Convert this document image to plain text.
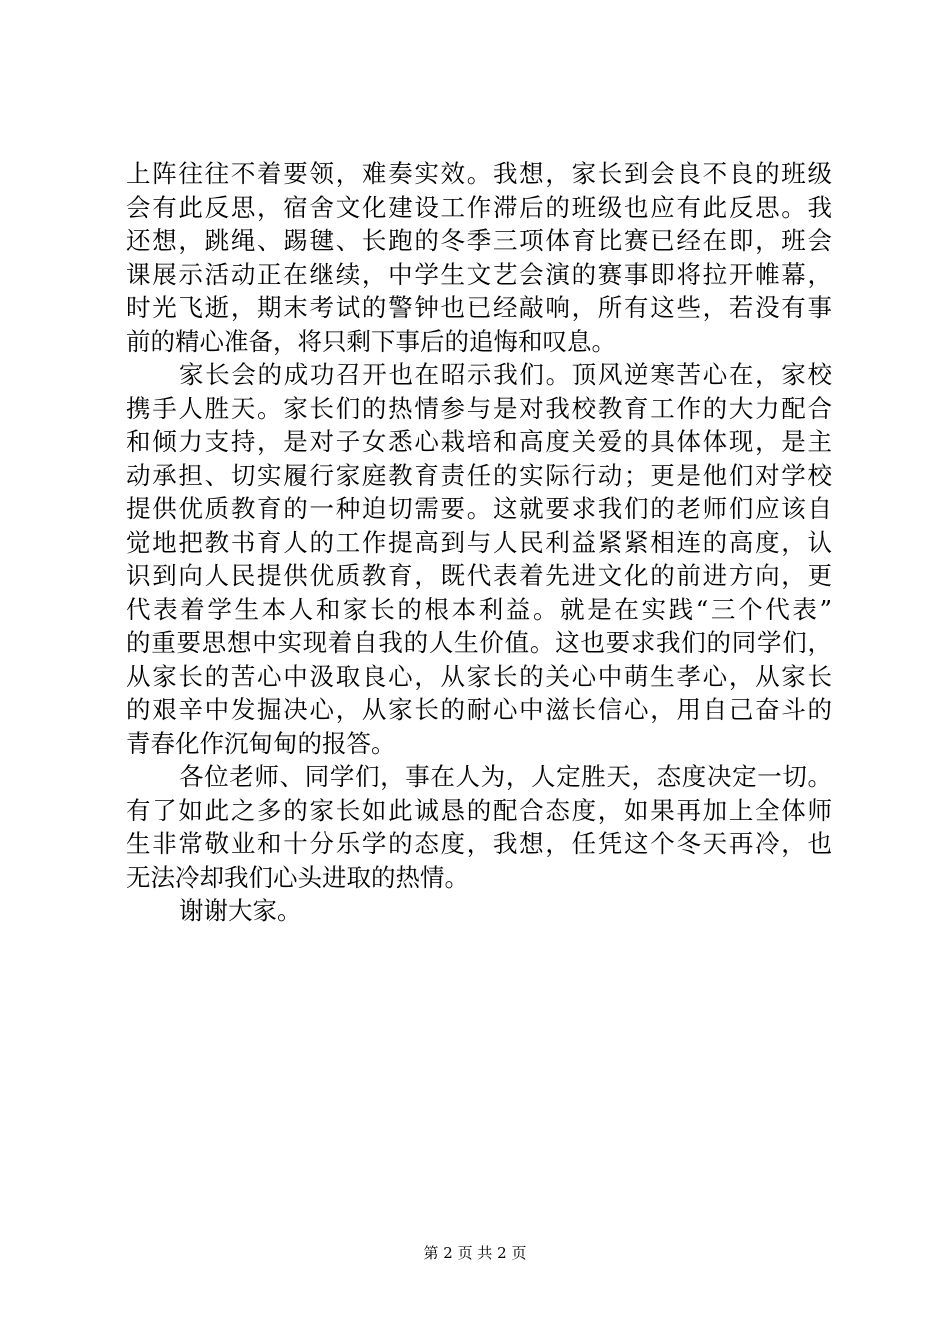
上阵往往不着要领，难奏实效。我想，家长到会良不良的班级
会有此反思，宿舍文化建设工作滞后的班级也应有此反思。我
还想，跳绳、踢毽、长跑的冬季三项体育比赛已经在即，班会
课展示活动正在继续，中学生文艺会演的赛事即将拉开帷幕，
时光飞逝，期末考试的警钟也已经敲响，所有这些，若没有事
前的精心准备，将只剩下事后的追悔和叹息。
家长会的成功召开也在昭示我们。顶风逆寒苦心在，家校
携手人胜天。家长们的热情参与是对我校教育工作的大力配合
和倾力支持，是对子女悉心栽培和高度关爱的具体体现，是主
动承担、切实履行家庭教育责任的实际行动；更是他们对学校
提供优质教育的一种迫切需要。这就要求我们的老师们应该自
觉地把教书育人的工作提高到与人民利益紧紧相连的高度，认
识到向人民提供优质教育，既代表着先进文化的前进方向，更
代表着学生本人和家长的根本利益。就是在实践“三个代表”
的重要思想中实现着自我的人生价值。这也要求我们的同学们，
从家长的苦心中汲取良心，从家长的关心中萌生孝心，从家长
的艰辛中发掘决心，从家长的耐心中滋长信心，用自己奋斗的
青春化作沉甸甸的报答。
各位老师、同学们，事在人为，人定胜天，态度决定一切。
有了如此之多的家长如此诚恳的配合态度，如果再加上全体师
生非常敬业和十分乐学的态度，我想，任凭这个冬天再冷，也
无法冷却我们心头进取的热情。
谢谢大家。
第 2 页 共 2 页
